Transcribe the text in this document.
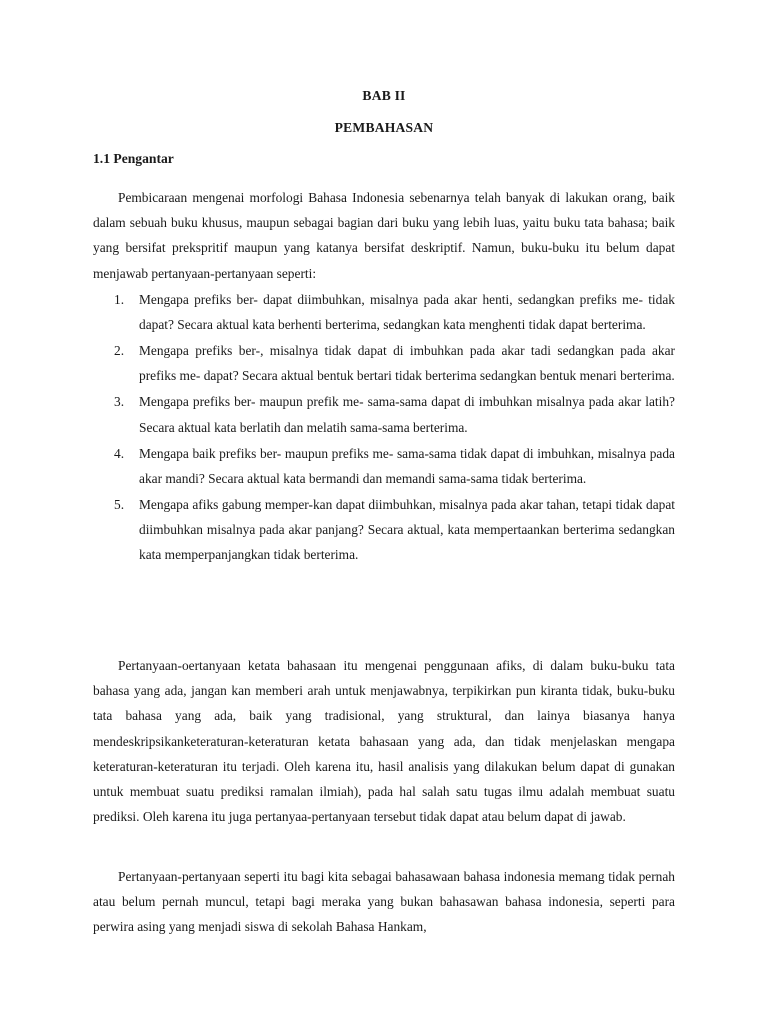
BAB II
PEMBAHASAN
1.1 Pengantar

Pembicaraan mengenai morfologi Bahasa Indonesia sebenarnya telah banyak di lakukan orang, baik dalam sebuah buku khusus, maupun sebagai bagian dari buku yang lebih luas, yaitu buku tata bahasa; baik yang bersifat prekspritif maupun yang katanya bersifat deskriptif. Namun, buku-buku itu belum dapat menjawab pertanyaan-pertanyaan seperti:

1. Mengapa prefiks ber- dapat diimbuhkan, misalnya pada akar henti, sedangkan prefiks me- tidak dapat? Secara aktual kata berhenti berterima, sedangkan kata menghenti tidak dapat berterima.
2. Mengapa prefiks ber-, misalnya tidak dapat di imbuhkan pada akar tadi sedangkan pada akar prefiks me- dapat? Secara aktual bentuk bertari tidak berterima sedangkan bentuk menari berterima.
3. Mengapa prefiks ber- maupun prefik me- sama-sama dapat di imbuhkan misalnya pada akar latih? Secara aktual kata berlatih dan melatih sama-sama berterima.
4. Mengapa baik prefiks ber- maupun prefiks me- sama-sama tidak dapat di imbuhkan, misalnya pada akar mandi? Secara aktual kata bermandi dan memandi sama-sama tidak berterima.
5. Mengapa afiks gabung memper-kan dapat diimbuhkan, misalnya pada akar tahan, tetapi tidak dapat diimbuhkan misalnya pada akar panjang? Secara aktual, kata mempertaankan berterima sedangkan kata memperpanjangkan tidak berterima.

Pertanyaan-oertanyaan ketata bahasaan itu mengenai penggunaan afiks, di dalam buku-buku tata bahasa yang ada, jangan kan memberi arah untuk menjawabnya, terpikirkan pun kiranta tidak, buku-buku tata bahasa yang ada, baik yang tradisional, yang struktural, dan lainya biasanya hanya mendeskripsikanketeraturan-keteraturan ketata bahasaan yang ada, dan tidak menjelaskan mengapa keteraturan-keteraturan itu terjadi. Oleh karena itu, hasil analisis yang dilakukan belum dapat di gunakan untuk membuat suatu prediksi ramalan ilmiah), pada hal salah satu tugas ilmu adalah membuat suatu prediksi. Oleh karena itu juga pertanyaa-pertanyaan tersebut tidak dapat atau belum dapat di jawab.

Pertanyaan-pertanyaan seperti itu bagi kita sebagai bahasawaan bahasa indonesia memang tidak pernah atau belum pernah muncul, tetapi bagi meraka yang bukan bahasawan bahasa indonesia, seperti para perwira asing yang menjadi siswa di sekolah Bahasa Hankam,
